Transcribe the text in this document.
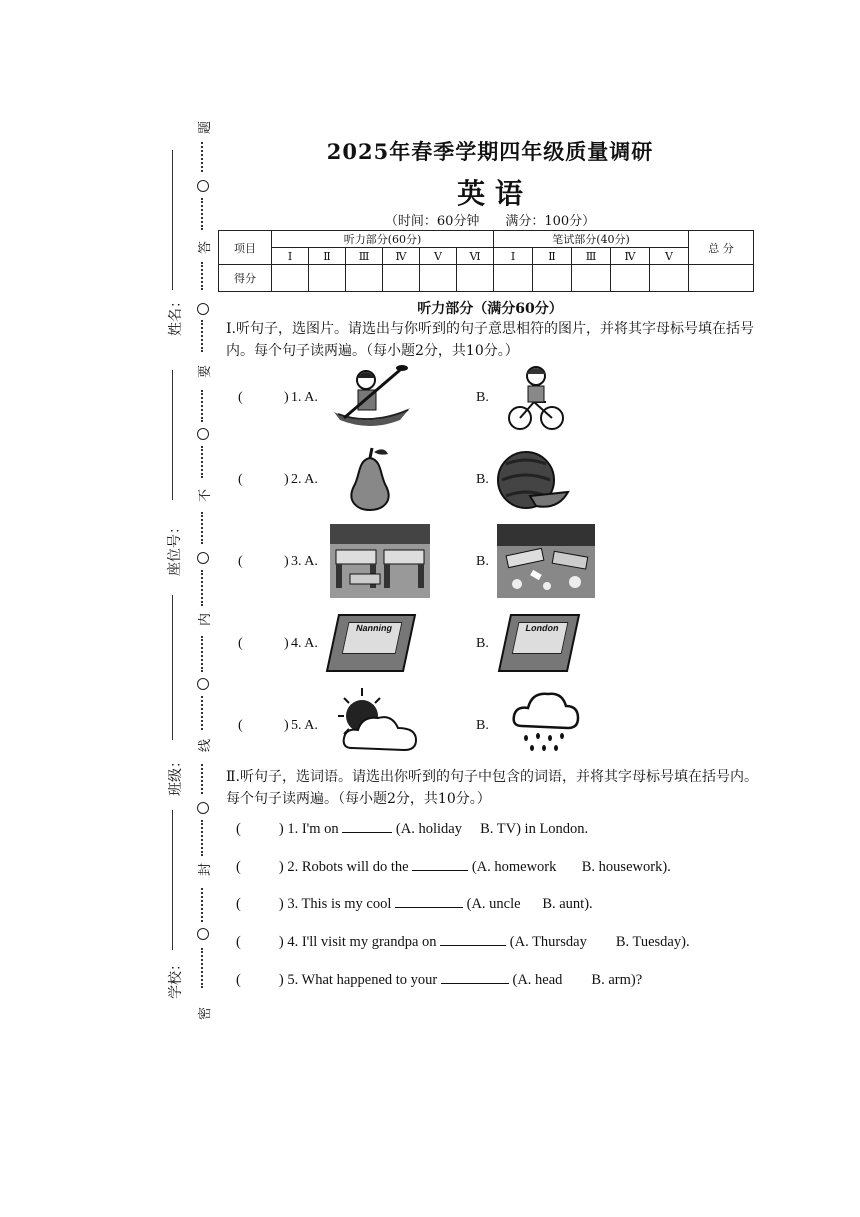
姓名：
座位号：
班级：
学校：
题
答
要
不
内
线
封
密
2025年春季学期四年级质量调研
英 语
（时间：60分钟　　满分：100分）
项目	听力部分(60分)						笔试部分(40分)					总 分
	Ⅰ	Ⅱ	Ⅲ	Ⅳ	Ⅴ	Ⅵ	Ⅰ	Ⅱ	Ⅲ	Ⅳ	Ⅴ	
得分												
听力部分（满分60分）
Ⅰ.听句子，选图片。请选出与你听到的句子意思相符的图片，并将其字母标号填在括号内。每个句子读两遍。（每小题2分，共10分。）
(	) 1. A.	B.
(	) 2. A.	B.
(	) 3. A.	B.
(	) 4. A.
Nanning
B.
London
(	) 5. A.	B.
Ⅱ.听句子，选词语。请选出你听到的句子中包含的词语，并将其字母标号填在括号内。每个句子读两遍。（每小题2分，共10分。）
(	) 1. I'm on	(A. holiday B. TV) in London.
(	) 2. Robots will do the	(A. homework B. housework).
(	) 3. This is my cool	(A. uncle B. aunt).
(	) 4. I'll visit my grandpa on	(A. Thursday B. Tuesday).
(	) 5. What happened to your	(A. head B. arm)?
